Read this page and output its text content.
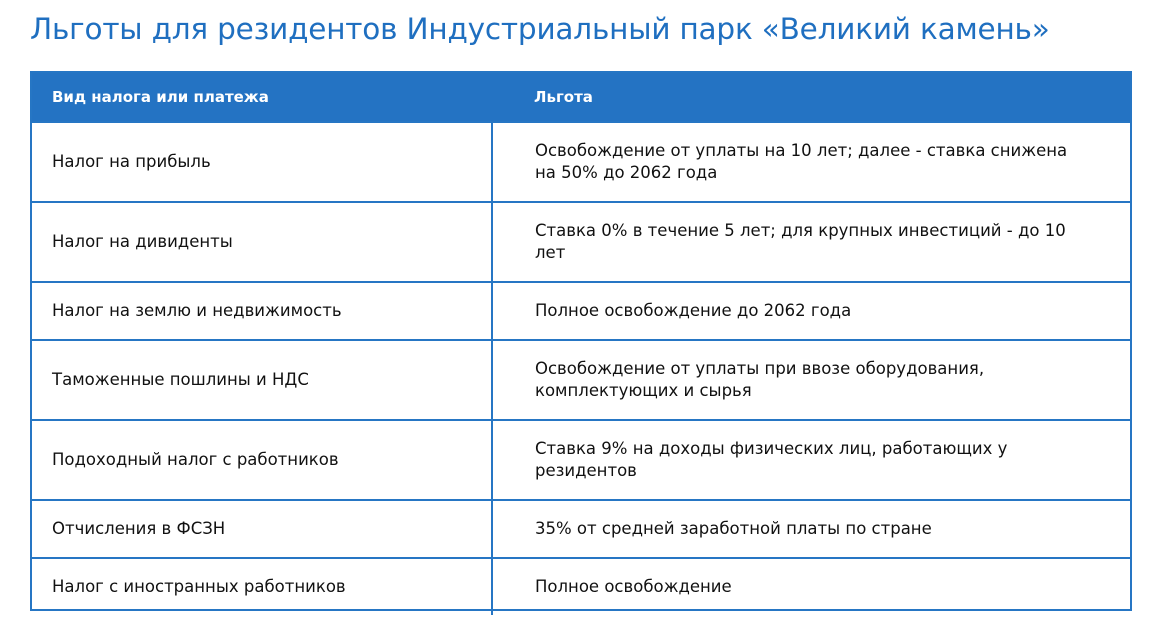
Льготы для резидентов Индустриальный парк «Великий камень»
Вид налога или платежа	Льгота
Налог на прибыль	Освобождение от уплаты на 10 лет; далее - ставка снижена на 50% до 2062 года
Налог на дивиденты	Ставка 0% в течение 5 лет; для крупных инвестиций - до 10 лет
Налог на землю и недвижимость	Полное освобождение до 2062 года
Таможенные пошлины и НДС	Освобождение от уплаты при ввозе оборудования, комплектующих и сырья
Подоходный налог с работников	Ставка 9% на доходы физических лиц, работающих у резидентов
Отчисления в ФСЗН	35% от средней заработной платы по стране
Налог с иностранных работников	Полное освобождение
